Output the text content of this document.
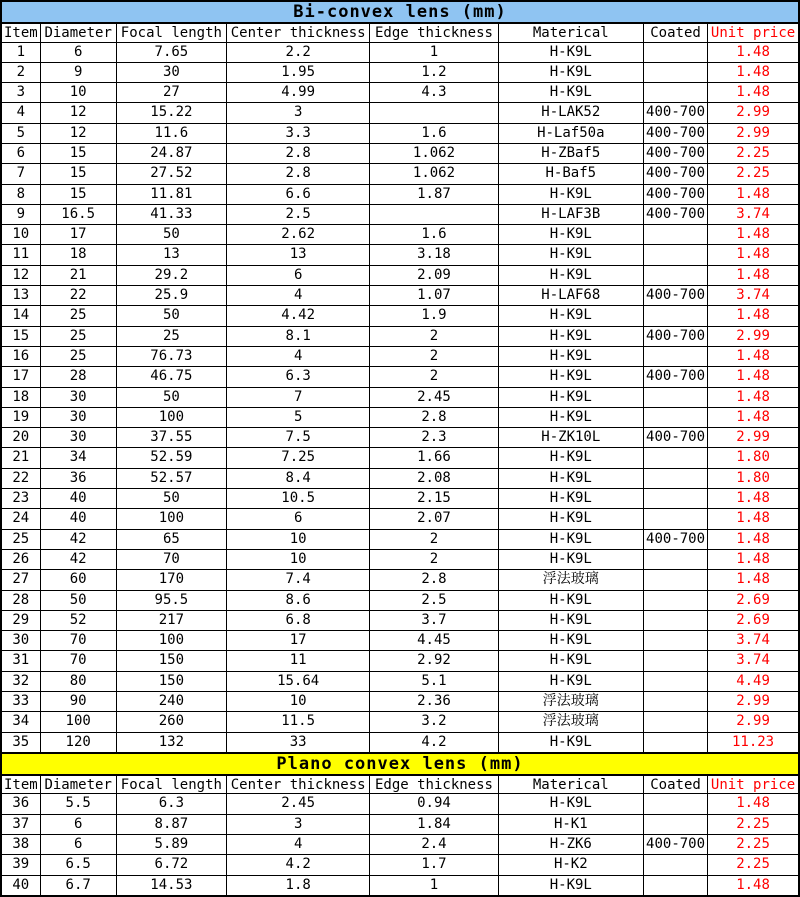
Bi-convex lens (mm)							
Item	Diameter	Focal length	Center thickness	Edge thickness	Materical	Coated	Unit price
1	6	7.65	2.2	1	H-K9L		1.48
2	9	30	1.95	1.2	H-K9L		1.48
3	10	27	4.99	4.3	H-K9L		1.48
4	12	15.22	3		H-LAK52	400-700	2.99
5	12	11.6	3.3	1.6	H-Laf50a	400-700	2.99
6	15	24.87	2.8	1.062	H-ZBaf5	400-700	2.25
7	15	27.52	2.8	1.062	H-Baf5	400-700	2.25
8	15	11.81	6.6	1.87	H-K9L	400-700	1.48
9	16.5	41.33	2.5		H-LAF3B	400-700	3.74
10	17	50	2.62	1.6	H-K9L		1.48
11	18	13	13	3.18	H-K9L		1.48
12	21	29.2	6	2.09	H-K9L		1.48
13	22	25.9	4	1.07	H-LAF68	400-700	3.74
14	25	50	4.42	1.9	H-K9L		1.48
15	25	25	8.1	2	H-K9L	400-700	2.99
16	25	76.73	4	2	H-K9L		1.48
17	28	46.75	6.3	2	H-K9L	400-700	1.48
18	30	50	7	2.45	H-K9L		1.48
19	30	100	5	2.8	H-K9L		1.48
20	30	37.55	7.5	2.3	H-ZK10L	400-700	2.99
21	34	52.59	7.25	1.66	H-K9L		1.80
22	36	52.57	8.4	2.08	H-K9L		1.80
23	40	50	10.5	2.15	H-K9L		1.48
24	40	100	6	2.07	H-K9L		1.48
25	42	65	10	2	H-K9L	400-700	1.48
26	42	70	10	2	H-K9L		1.48
27	60	170	7.4	2.8	浮法玻璃		1.48
28	50	95.5	8.6	2.5	H-K9L		2.69
29	52	217	6.8	3.7	H-K9L		2.69
30	70	100	17	4.45	H-K9L		3.74
31	70	150	11	2.92	H-K9L		3.74
32	80	150	15.64	5.1	H-K9L		4.49
33	90	240	10	2.36	浮法玻璃		2.99
34	100	260	11.5	3.2	浮法玻璃		2.99
35	120	132	33	4.2	H-K9L		11.23
Plano convex lens (mm)							
Item	Diameter	Focal length	Center thickness	Edge thickness	Materical	Coated	Unit price
36	5.5	6.3	2.45	0.94	H-K9L		1.48
37	6	8.87	3	1.84	H-K1		2.25
38	6	5.89	4	2.4	H-ZK6	400-700	2.25
39	6.5	6.72	4.2	1.7	H-K2		2.25
40	6.7	14.53	1.8	1	H-K9L		1.48
